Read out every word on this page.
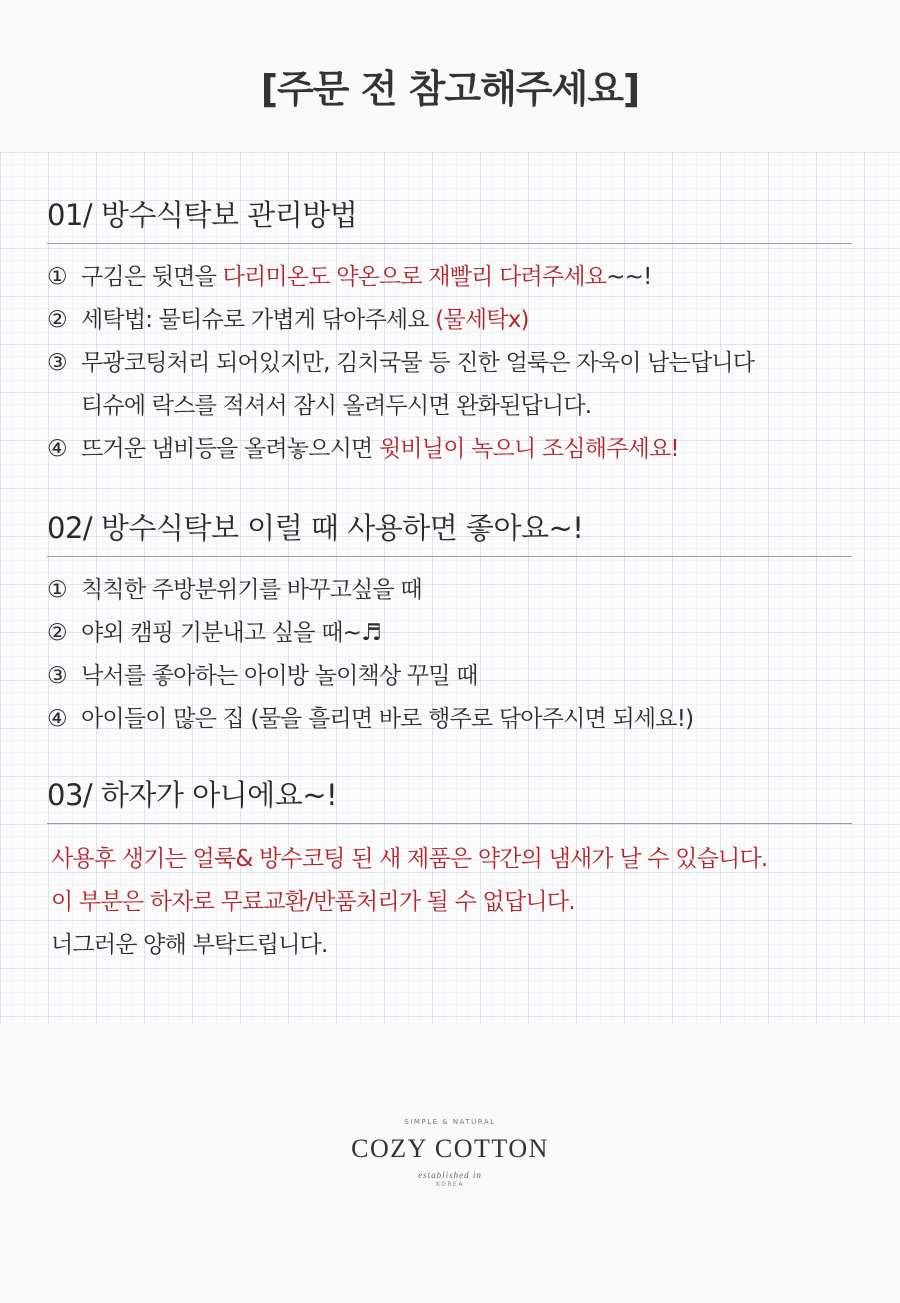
[주문 전 참고해주세요]
01/ 방수식탁보 관리방법
① 구김은 뒷면을 다리미온도 약온으로 재빨리 다려주세요~~!
② 세탁법: 물티슈로 가볍게 닦아주세요 (물세탁x)
③ 무광코팅처리 되어있지만, 김치국물 등 진한 얼룩은 자욱이 남는답니다
티슈에 락스를 적셔서 잠시 올려두시면 완화된답니다.
④ 뜨거운 냄비등을 올려놓으시면 윗비닐이 녹으니 조심해주세요!
02/ 방수식탁보 이럴 때 사용하면 좋아요~!
① 칙칙한 주방분위기를 바꾸고싶을 때
② 야외 캠핑 기분내고 싶을 때~♬
③ 낙서를 좋아하는 아이방 놀이책상 꾸밀 때
④ 아이들이 많은 집 (물을 흘리면 바로 행주로 닦아주시면 되세요!)
03/ 하자가 아니에요~!
사용후 생기는 얼룩& 방수코팅 된 새 제품은 약간의 냄새가 날 수 있습니다.
이 부분은 하자로 무료교환/반품처리가 될 수 없답니다.
너그러운 양해 부탁드립니다.
SIMPLE & NATURAL
COZY COTTON
established in
KOREA
